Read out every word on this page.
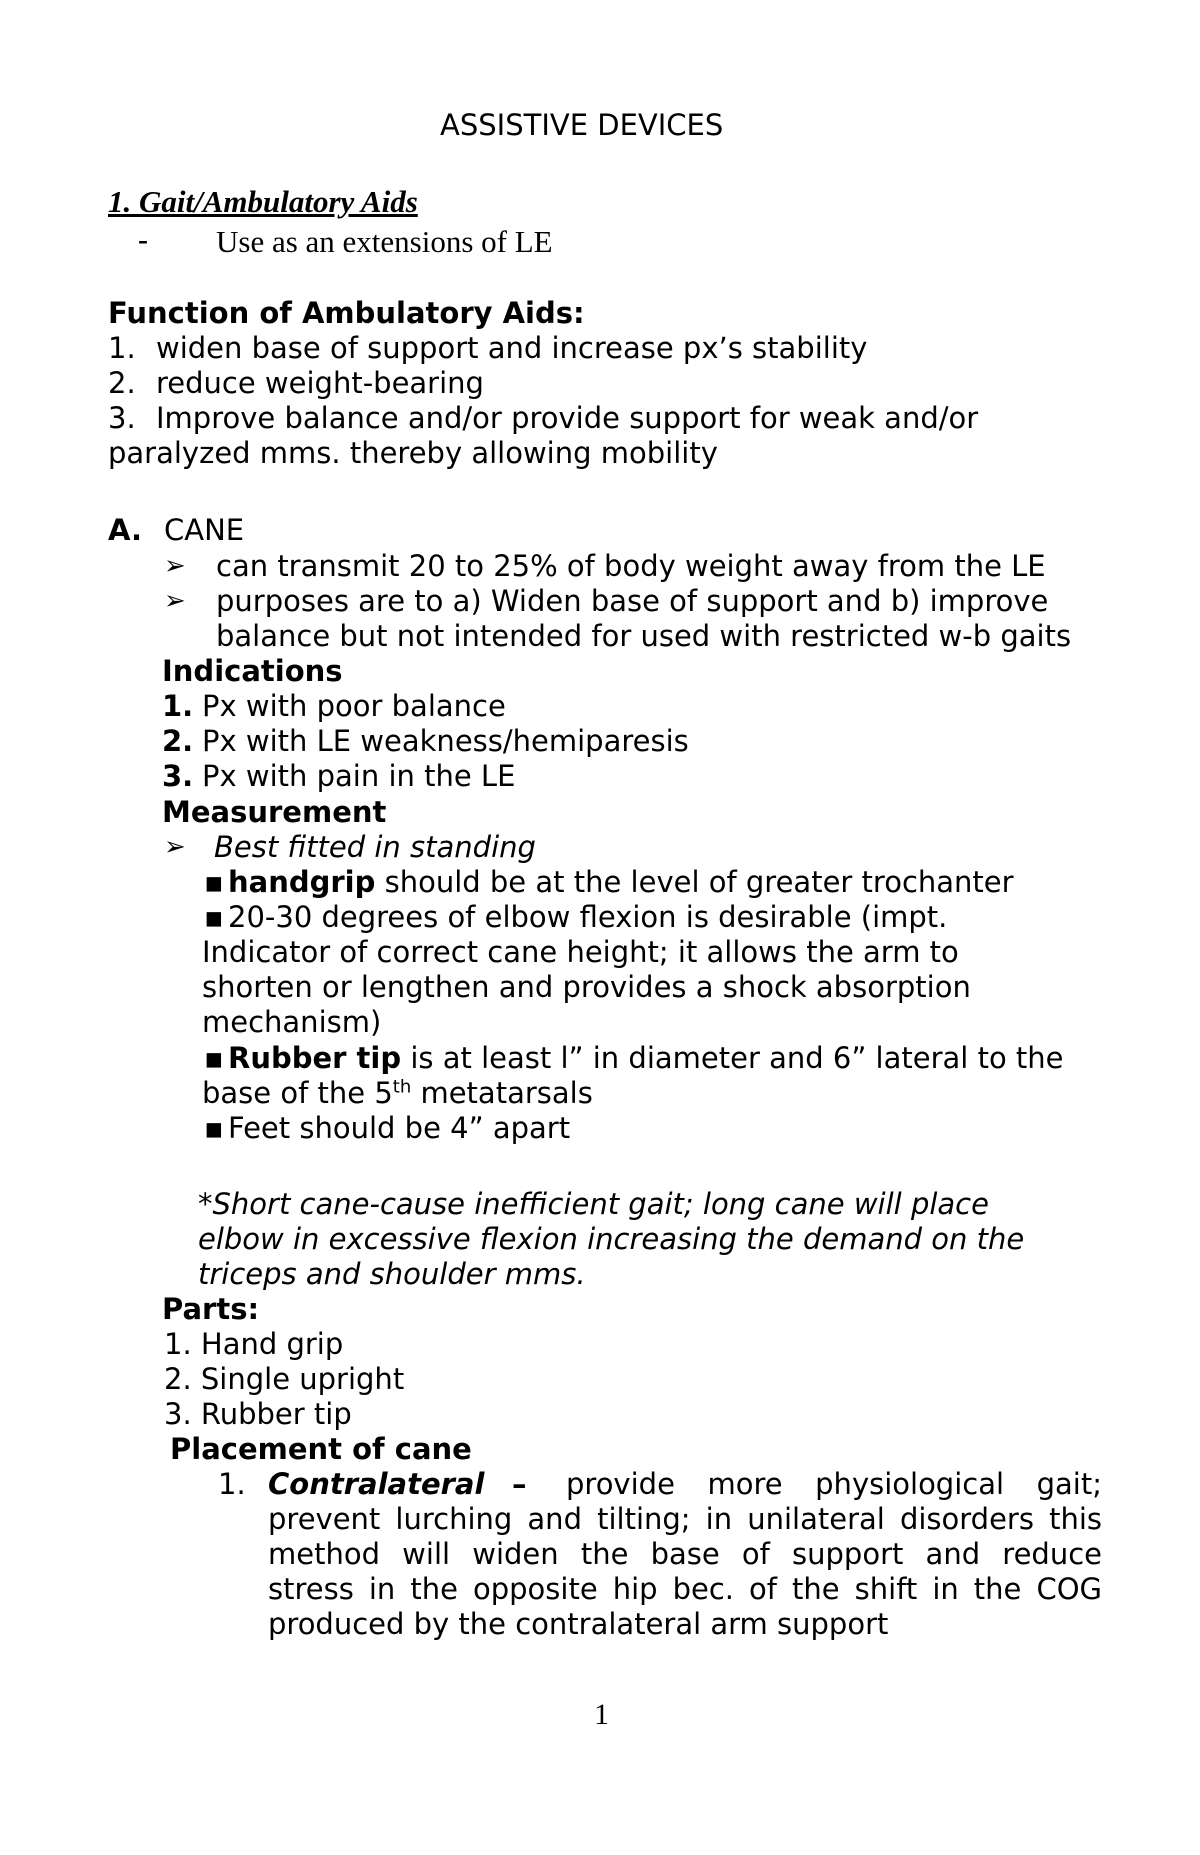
ASSISTIVE DEVICES
1. Gait/Ambulatory Aids
- Use as an extensions of LE
Function of Ambulatory Aids:
1. widen base of support and increase px’s stability
2. reduce weight-bearing
3. Improve balance and/or provide support for weak and/or
paralyzed mms. thereby allowing mobility
A. CANE
➢ can transmit 20 to 25% of body weight away from the LE
➢ purposes are to a) Widen base of support and b) improve
balance but not intended for used with restricted w-b gaits
Indications
1. Px with poor balance
2. Px with LE weakness/hemiparesis
3. Px with pain in the LE
Measurement
➢ Best fitted in standing
▪ handgrip should be at the level of greater trochanter
▪ 20-30 degrees of elbow flexion is desirable (impt.
Indicator of correct cane height; it allows the arm to
shorten or lengthen and provides a shock absorption
mechanism)
▪ Rubber tip is at least l” in diameter and 6” lateral to the
base of the 5th metatarsals
▪ Feet should be 4” apart
*Short cane-cause inefficient gait; long cane will place
elbow in excessive flexion increasing the demand on the
triceps and shoulder mms.
Parts:
1. Hand grip
2. Single upright
3. Rubber tip
Placement of cane
1. Contralateral – provide more physiological gait;
prevent lurching and tilting; in unilateral disorders this
method will widen the base of support and reduce
stress in the opposite hip bec. of the shift in the COG
produced by the contralateral arm support
1
